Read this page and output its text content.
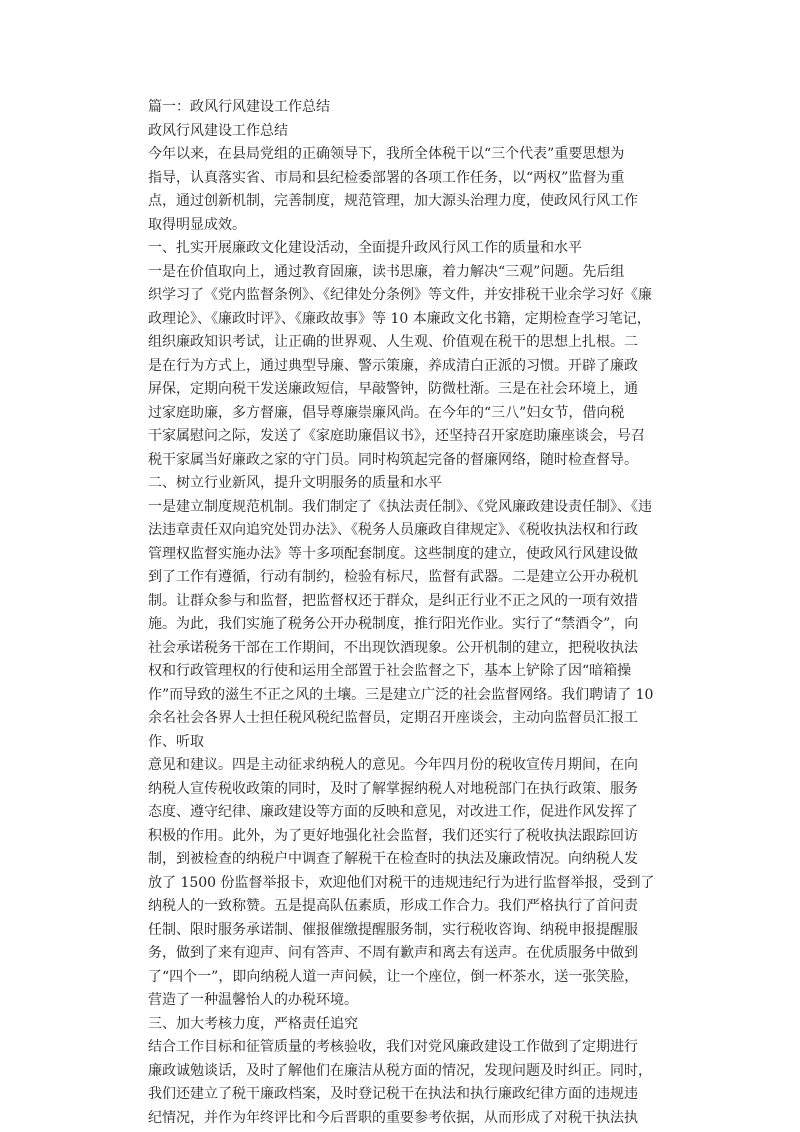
篇一：政风行风建设工作总结
政风行风建设工作总结
今年以来，在县局党组的正确领导下，我所全体税干以“三个代表”重要思想为
指导，认真落实省、市局和县纪检委部署的各项工作任务，以“两权”监督为重
点，通过创新机制，完善制度，规范管理，加大源头治理力度，使政风行风工作
取得明显成效。
一、扎实开展廉政文化建设活动，全面提升政风行风工作的质量和水平
一是在价值取向上，通过教育固廉，读书思廉，着力解决“三观”问题。先后组
织学习了《党内监督条例》、《纪律处分条例》等文件，并安排税干业余学习好《廉
政理论》、《廉政时评》、《廉政故事》等 10 本廉政文化书籍，定期检查学习笔记，
组织廉政知识考试，让正确的世界观、人生观、价值观在税干的思想上扎根。二
是在行为方式上，通过典型导廉、警示策廉，养成清白正派的习惯。开辟了廉政
屏保，定期向税干发送廉政短信，早敲警钟，防微杜渐。三是在社会环境上，通
过家庭助廉，多方督廉，倡导尊廉崇廉风尚。在今年的“三八”妇女节，借向税
干家属慰问之际，发送了《家庭助廉倡议书》，还坚持召开家庭助廉座谈会，号召
税干家属当好廉政之家的守门员。同时构筑起完备的督廉网络，随时检查督导。
二、树立行业新风，提升文明服务的质量和水平
一是建立制度规范机制。我们制定了《执法责任制》、《党风廉政建设责任制》、《违
法违章责任双向追究处罚办法》、《税务人员廉政自律规定》、《税收执法权和行政
管理权监督实施办法》等十多项配套制度。这些制度的建立，使政风行风建设做
到了工作有遵循，行动有制约，检验有标尺，监督有武器。二是建立公开办税机
制。让群众参与和监督，把监督权还于群众，是纠正行业不正之风的一项有效措
施。为此，我们实施了税务公开办税制度，推行阳光作业。实行了“禁酒令”，向
社会承诺税务干部在工作期间，不出现饮酒现象。公开机制的建立，把税收执法
权和行政管理权的行使和运用全部置于社会监督之下，基本上铲除了因“暗箱操
作”而导致的滋生不正之风的土壤。三是建立广泛的社会监督网络。我们聘请了 10
余名社会各界人士担任税风税纪监督员，定期召开座谈会，主动向监督员汇报工
作、听取
意见和建议。四是主动征求纳税人的意见。今年四月份的税收宣传月期间，在向
纳税人宣传税收政策的同时，及时了解掌握纳税人对地税部门在执行政策、服务
态度、遵守纪律、廉政建设等方面的反映和意见，对改进工作，促进作风发挥了
积极的作用。此外，为了更好地强化社会监督，我们还实行了税收执法跟踪回访
制，到被检查的纳税户中调查了解税干在检查时的执法及廉政情况。向纳税人发
放了 1500 份监督举报卡，欢迎他们对税干的违规违纪行为进行监督举报，受到了
纳税人的一致称赞。五是提高队伍素质，形成工作合力。我们严格执行了首问责
任制、限时服务承诺制、催报催缴提醒服务制，实行税收咨询、纳税申报提醒服
务，做到了来有迎声、问有答声、不周有歉声和离去有送声。在优质服务中做到
了“四个一”，即向纳税人道一声问候，让一个座位，倒一杯茶水，送一张笑脸，
营造了一种温馨怡人的办税环境。
三、加大考核力度，严格责任追究
结合工作目标和征管质量的考核验收，我们对党风廉政建设工作做到了定期进行
廉政诚勉谈话，及时了解他们在廉洁从税方面的情况，发现问题及时纠正。同时，
我们还建立了税干廉政档案，及时登记税干在执法和执行廉政纪律方面的违规违
纪情况，并作为年终评比和今后晋职的重要参考依据，从而形成了对税干执法执
